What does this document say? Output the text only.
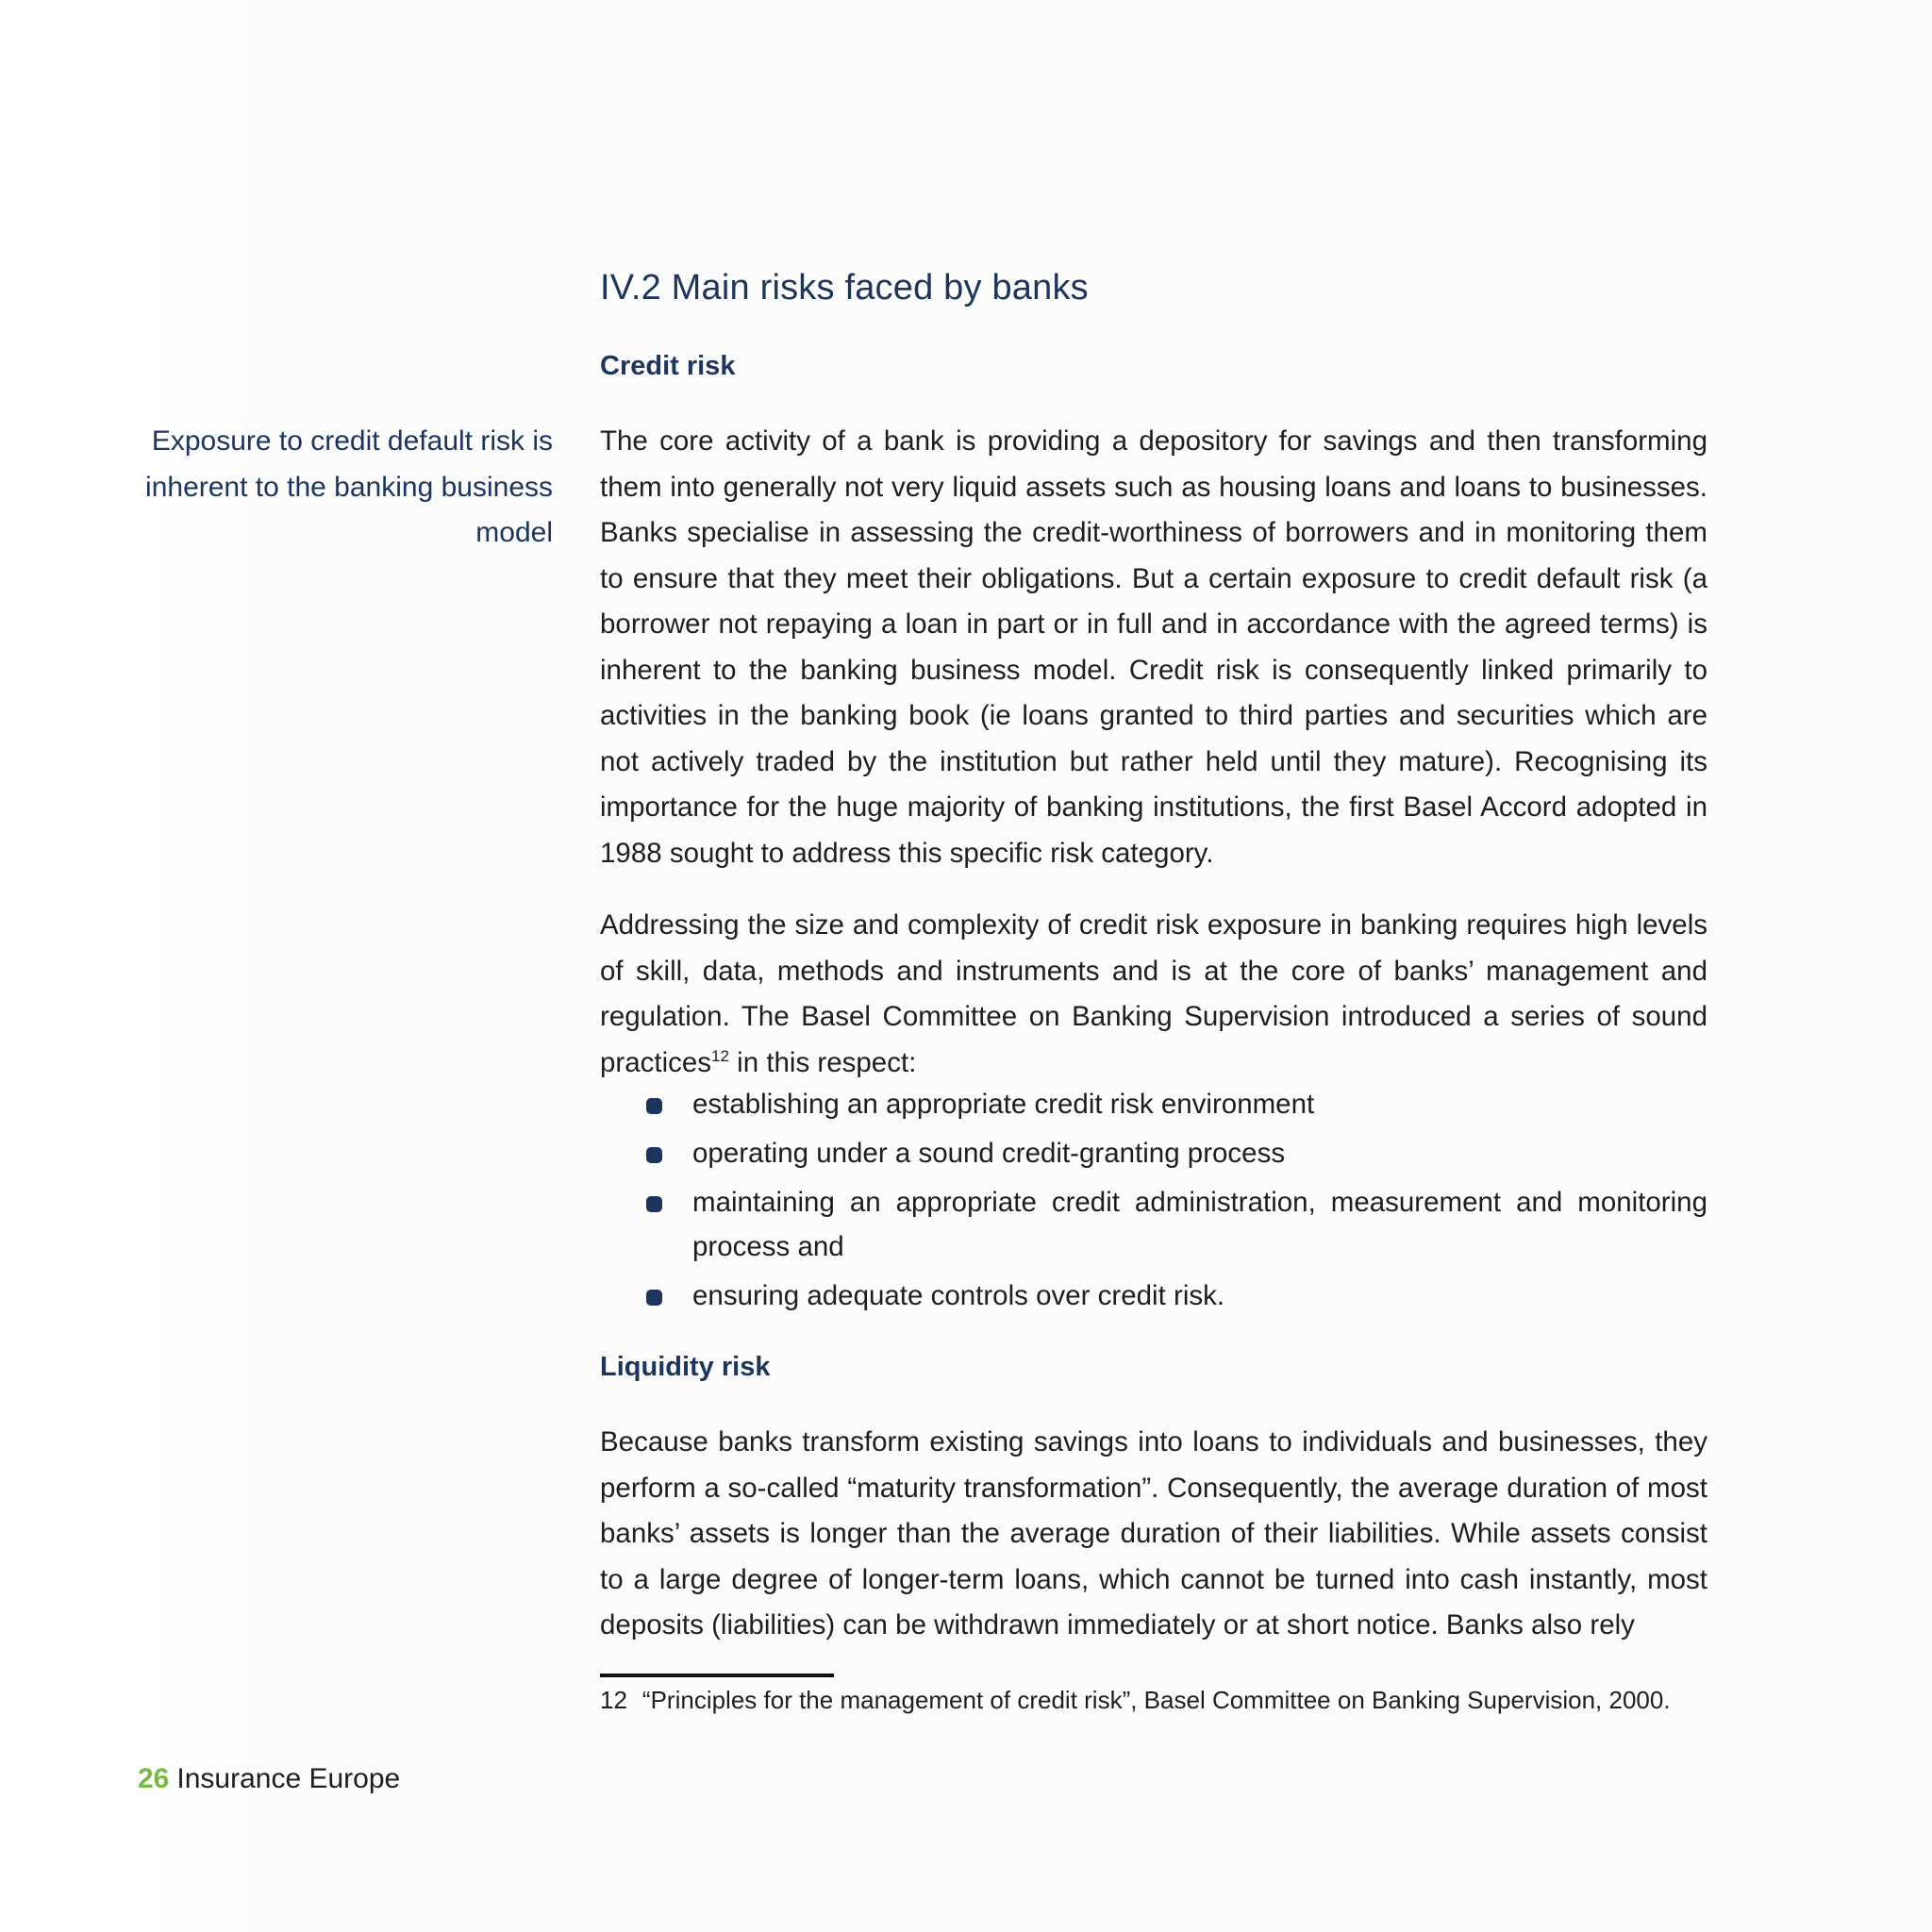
IV.2 Main risks faced by banks
Credit risk
Exposure to credit default risk is inherent to the banking business model

The core activity of a bank is providing a depository for savings and then transforming them into generally not very liquid assets such as housing loans and loans to businesses. Banks specialise in assessing the credit-worthiness of borrowers and in monitoring them to ensure that they meet their obligations. But a certain exposure to credit default risk (a borrower not repaying a loan in part or in full and in accordance with the agreed terms) is inherent to the banking business model. Credit risk is consequently linked primarily to activities in the banking book (ie loans granted to third parties and securities which are not actively traded by the institution but rather held until they mature). Recognising its importance for the huge majority of banking institutions, the first Basel Accord adopted in 1988 sought to address this specific risk category.

Addressing the size and complexity of credit risk exposure in banking requires high levels of skill, data, methods and instruments and is at the core of banks’ management and regulation. The Basel Committee on Banking Supervision introduced a series of sound practices$^{12}$ in this respect:

establishing an appropriate credit risk environment
operating under a sound credit-granting process
maintaining an appropriate credit administration, measurement and monitoring process and
ensuring adequate controls over credit risk.
Liquidity risk

Because banks transform existing savings into loans to individuals and businesses, they perform a so-called “maturity transformation”. Consequently, the average duration of most banks’ assets is longer than the average duration of their liabilities. While assets consist to a large degree of longer-term loans, which cannot be turned into cash instantly, most deposits (liabilities) can be withdrawn immediately or at short notice. Banks also rely

12 “Principles for the management of credit risk”, Basel Committee on Banking Supervision, 2000.
26 Insurance Europe
